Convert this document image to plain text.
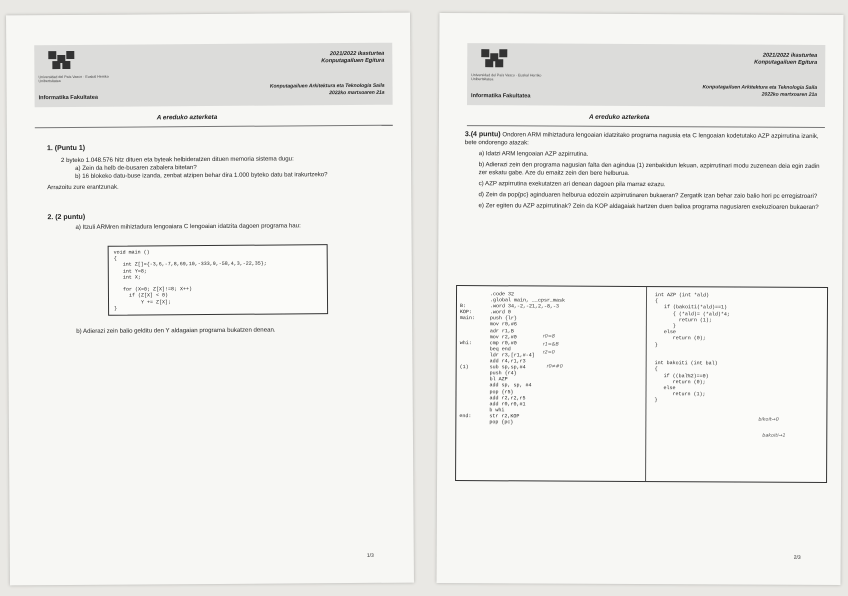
Universidad del País Vasco · Euskal Herriko Unibertsitatea
2021/2022 ikasturtea
Konputagailuen Egitura
Konputagailuen Arkitektura eta Teknologia Saila
2022ko martxoaren 21a
Informatika Fakultatea
A ereduko azterketa
1. (Puntu 1)
2 byteko 1.048.576 hitz dituen eta byteak helbideratzen dituen memoria sistema dugu:
a) Zein da helb de-busaren zabalera bitetan?
b) 16 blokeko datu-buse izanda, zenbat atzipen behar dira 1.000 byteko datu bat irakurtzeko?
Arrazoitu zure erantzunak.
2. (2 puntu)
a) Itzuli ARMren mihiztadura lengoaiara C lengoaian idatzita dagoen programa hau:
void main ()
{
int Z[]={-3,6,-7,8,69,10,-333,9,-58,4,3,-22,35};
int Y=8;
int X;

for (X=0; Z[X]!=8; X++)
if (Z[X] < 0)
Y += Z[X];
}
b) Adierazi zein balio gelditu den Y aldagaian programa bukatzen denean.
1/3
Universidad del País Vasco · Euskal Herriko Unibertsitatea
2021/2022 ikasturtea
Konputagailuen Egitura
Konputagailuen Arkitektura eta Teknologia Saila
2022ko martxoaren 21a
Informatika Fakultatea
A ereduko azterketa
3.(4 puntu) Ondoren ARM mihiztadura lengoaian idatzitako programa nagusia eta C lengoaian kodetutako AZP azpirrutina izanik, bete ondorengo atazak:
a) Idatzi ARM lengoaian AZP azpirrutina.
b) Adierazi zein den programa nagusian falta den agindua (1) zenbakidun lekuan, azpirrutinari modu zuzenean deia egin zadin zer eskatu gabe. Aze du emaitz zein den bere helburua.
c) AZP azpirrutina exekutatzen ari denean dagoen pila marraz ezazu.
d) Zein da pop{pc} aginduaren helburua edozein azpirrutinaren bukaeran? Zergatik izan behar zaio balio hori pc erregistroari?
e) Zer egiten du AZP azpirrutinak? Zein da KOP aldagaiak hartzen duen balioa programa nagusiaren exekuzioaren bukaeran?
.code 32
.global main, __cpsr_mask
B:	.word 34,-2,-21,2,-8,-3
KOP:	.word 0
main:	push {lr}
mov r0,#6
adr r1,B
mov r2,#0
whi:	cmp r0,#0
beq end
ldr r3,[r1,#-4]
add r4,r1,r3
(1)	sub sp,sp,#4
push {r4}
bl AZP
add sp, sp, #4
pop {r5}
add r2,r2,r5
add r0,r0,#1
b whi
end:	str r2,KOP
pop {pc}
int AZP (int *ald)
{
if (bakoiti(*ald)==1)
{ (*ald)= (*ald)*4;
return (1);
}
else
return (0);
}

int bakoiti (int bal)
{
if ((bal%2)==0)
return (0);
else
return (1);
}
r0=8
r1=&B
r2=0
r0≠#0
bikoit→0
bakoiti→1
2/3
